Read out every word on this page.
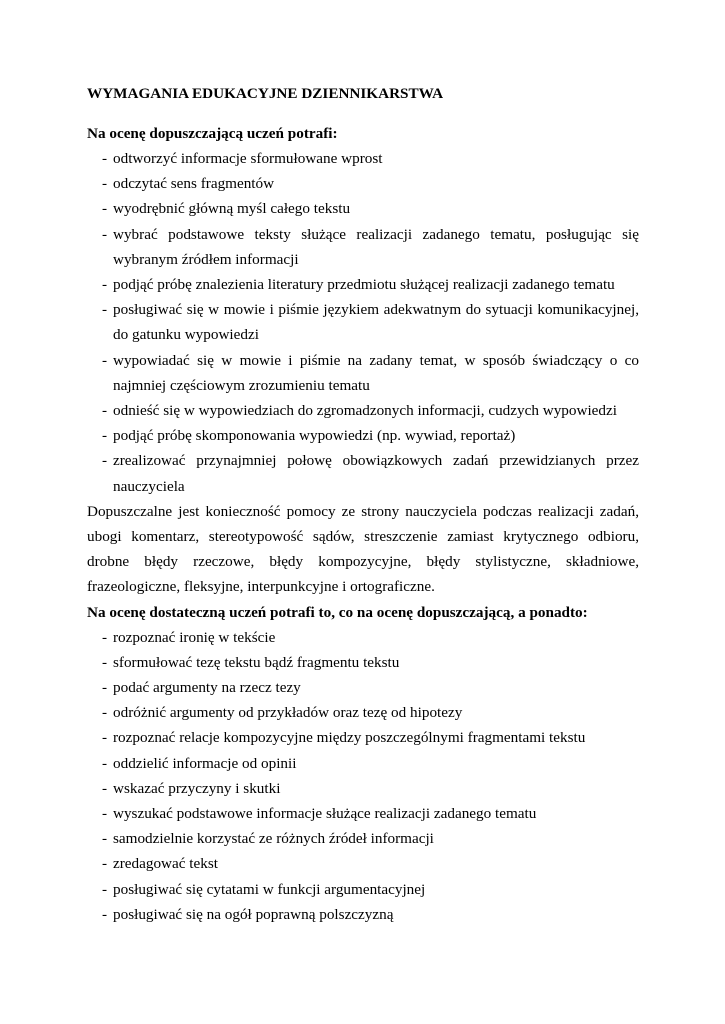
WYMAGANIA EDUKACYJNE DZIENNIKARSTWA
Na ocenę dopuszczającą uczeń potrafi:
- odtworzyć informacje sformułowane wprost
- odczytać sens fragmentów
- wyodrębnić główną myśl całego tekstu
- wybrać podstawowe teksty służące realizacji zadanego tematu, posługując się wybranym źródłem informacji
- podjąć próbę znalezienia literatury przedmiotu służącej realizacji zadanego tematu
- posługiwać się w mowie i piśmie językiem adekwatnym do sytuacji komunikacyjnej, do gatunku wypowiedzi
- wypowiadać się w mowie i piśmie na zadany temat, w sposób świadczący o co najmniej częściowym zrozumieniu tematu
- odnieść się w wypowiedziach do zgromadzonych informacji, cudzych wypowiedzi
- podjąć próbę skomponowania wypowiedzi (np. wywiad, reportaż)
- zrealizować przynajmniej połowę obowiązkowych zadań przewidzianych przez nauczyciela

Dopuszczalne jest konieczność pomocy ze strony nauczyciela podczas realizacji zadań, ubogi komentarz, stereotypowość sądów, streszczenie zamiast krytycznego odbioru, drobne błędy rzeczowe, błędy kompozycyjne, błędy stylistyczne, składniowe, frazeologiczne, fleksyjne, interpunkcyjne i ortograficzne.

Na ocenę dostateczną uczeń potrafi to, co na ocenę dopuszczającą, a ponadto:
- rozpoznać ironię w tekście
- sformułować tezę tekstu bądź fragmentu tekstu
- podać argumenty na rzecz tezy
- odróżnić argumenty od przykładów oraz tezę od hipotezy
- rozpoznać relacje kompozycyjne między poszczególnymi fragmentami tekstu
- oddzielić informacje od opinii
- wskazać przyczyny i skutki
- wyszukać podstawowe informacje służące realizacji zadanego tematu
- samodzielnie korzystać ze różnych źródeł informacji
- zredagować tekst
- posługiwać się cytatami w funkcji argumentacyjnej
- posługiwać się na ogół poprawną polszczyzną
